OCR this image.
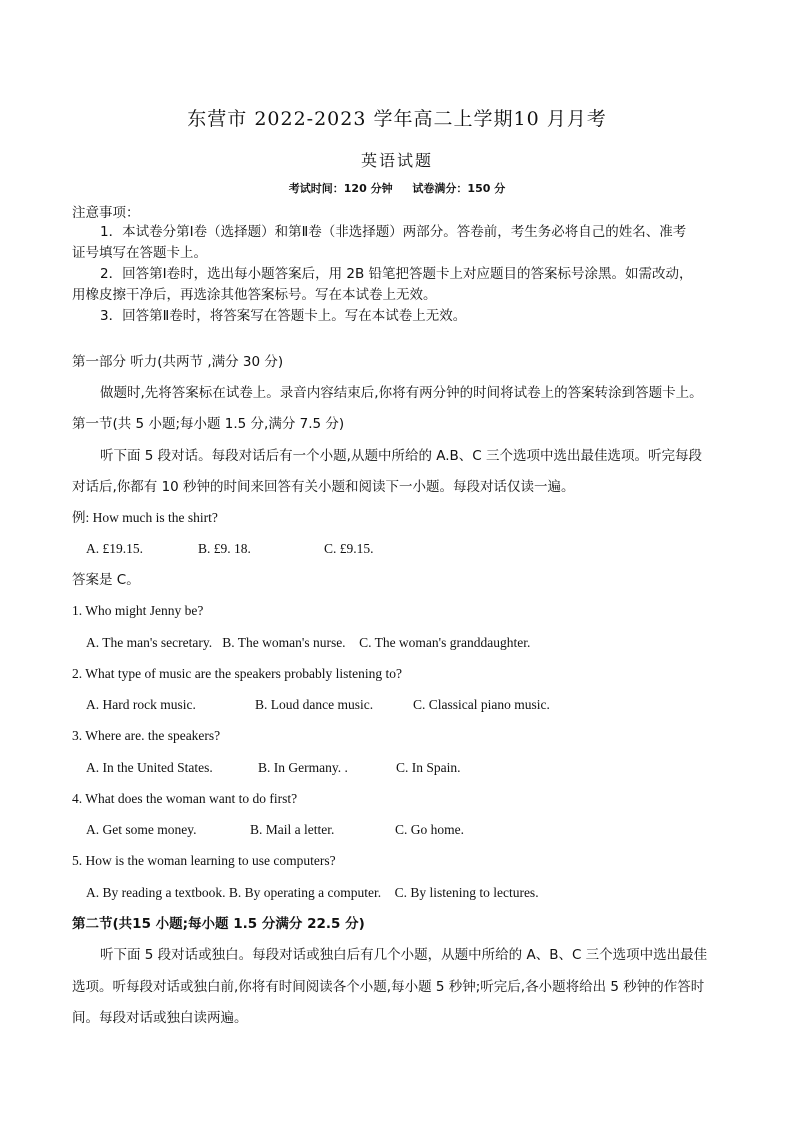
东营市 2022-2023 学年高二上学期10 月月考
英语试题
考试时间：120 分钟 试卷满分：150 分
注意事项：
1．本试卷分第Ⅰ卷（选择题）和第Ⅱ卷（非选择题）两部分。答卷前，考生务必将自己的姓名、准考
证号填写在答题卡上。
2．回答第Ⅰ卷时，选出每小题答案后，用 2B 铅笔把答题卡上对应题目的答案标号涂黑。如需改动，
用橡皮擦干净后，再选涂其他答案标号。写在本试卷上无效。
3．回答第Ⅱ卷时，将答案写在答题卡上。写在本试卷上无效。
第一部分 听力(共两节 ,满分 30 分)
做题时,先将答案标在试卷上。录音内容结束后,你将有两分钟的时间将试卷上的答案转涂到答题卡上。
第一节(共 5 小题;每小题 1.5 分,满分 7.5 分)
听下面 5 段对话。每段对话后有一个小题,从题中所给的 A.B、C 三个选项中选出最佳选项。听完每段
对话后,你都有 10 秒钟的时间来回答有关小题和阅读下一小题。每段对话仅读一遍。
例: How much is the shirt?
A. £19.15.	B. £9. 18.	C. £9.15.
答案是 C。
1. Who might Jenny be?
A. The man's secretary. B. The woman's nurse. C. The woman's granddaughter.
2. What type of music are the speakers probably listening to?
A. Hard rock music.	B. Loud dance music.	C. Classical piano music.
3. Where are. the speakers?
A. In the United States.	B. In Germany. .	C. In Spain.
4. What does the woman want to do first?
A. Get some money.	B. Mail a letter.	C. Go home.
5. How is the woman learning to use computers?
A. By reading a textbook. B. By operating a computer. C. By listening to lectures.
第二节(共15 小题;每小题 1.5 分满分 22.5 分)
听下面 5 段对话或独白。每段对话或独白后有几个小题，从题中所给的 A、B、C 三个选项中选出最佳
选项。听每段对话或独白前,你将有时间阅读各个小题,每小题 5 秒钟;听完后,各小题将给出 5 秒钟的作答时
间。每段对话或独白读两遍。
